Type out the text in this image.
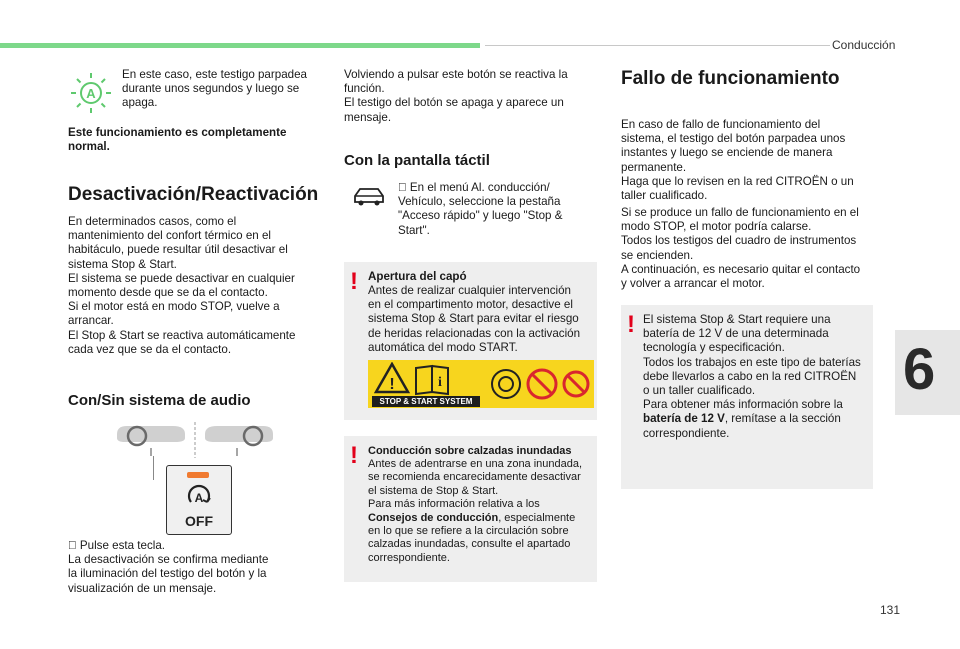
Conducción
6
A

En este caso, este testigo parpadea
durante unos segundos y luego se
apaga.

Este funcionamiento es completamente
normal.

Desactivación/Reactivación

En determinados casos, como el
mantenimiento del confort térmico en el
habitáculo, puede resultar útil desactivar el
sistema Stop & Start.
El sistema se puede desactivar en cualquier
momento desde que se da el contacto.
Si el motor está en modo STOP, vuelve a
arrancar.
El Stop & Start se reactiva automáticamente
cada vez que se da el contacto.

Con/Sin sistema de audio
A
OFF

Pulse esta tecla.
La desactivación se confirma mediante
la iluminación del testigo del botón y la
visualización de un mensaje.

Volviendo a pulsar este botón se reactiva la
función.
El testigo del botón se apaga y aparece un
mensaje.

Con la pantalla táctil

En el menú Al. conducción/
Vehículo, seleccione la pestaña
"Acceso rápido" y luego "Stop &
Start".

! Apertura del capó

Antes de realizar cualquier intervención
en el compartimento motor, desactive el
sistema Stop & Start para evitar el riesgo
de heridas relacionadas con la activación
automática del modo START.

!	i
STOP & START SYSTEM
! Conducción sobre calzadas inundadas

Antes de adentrarse en una zona inundada,
se recomienda encarecidamente desactivar
el sistema de Stop & Start.
Para más información relativa a los
Consejos de conducción, especialmente
en lo que se refiere a la circulación sobre
calzadas inundadas, consulte el apartado
correspondiente.

Fallo de funcionamiento

En caso de fallo de funcionamiento del
sistema, el testigo del botón parpadea unos
instantes y luego se enciende de manera
permanente.
Haga que lo revisen en la red CITROËN o un
taller cualificado.

Si se produce un fallo de funcionamiento en el
modo STOP, el motor podría calarse.
Todos los testigos del cuadro de instrumentos
se encienden.
A continuación, es necesario quitar el contacto
y volver a arrancar el motor.

! El sistema Stop & Start requiere una
batería de 12 V de una determinada
tecnología y especificación.
Todos los trabajos en este tipo de baterías
debe llevarlos a cabo en la red CITROËN
o un taller cualificado.
Para obtener más información sobre la
batería de 12 V, remítase a la sección
correspondiente.

131
